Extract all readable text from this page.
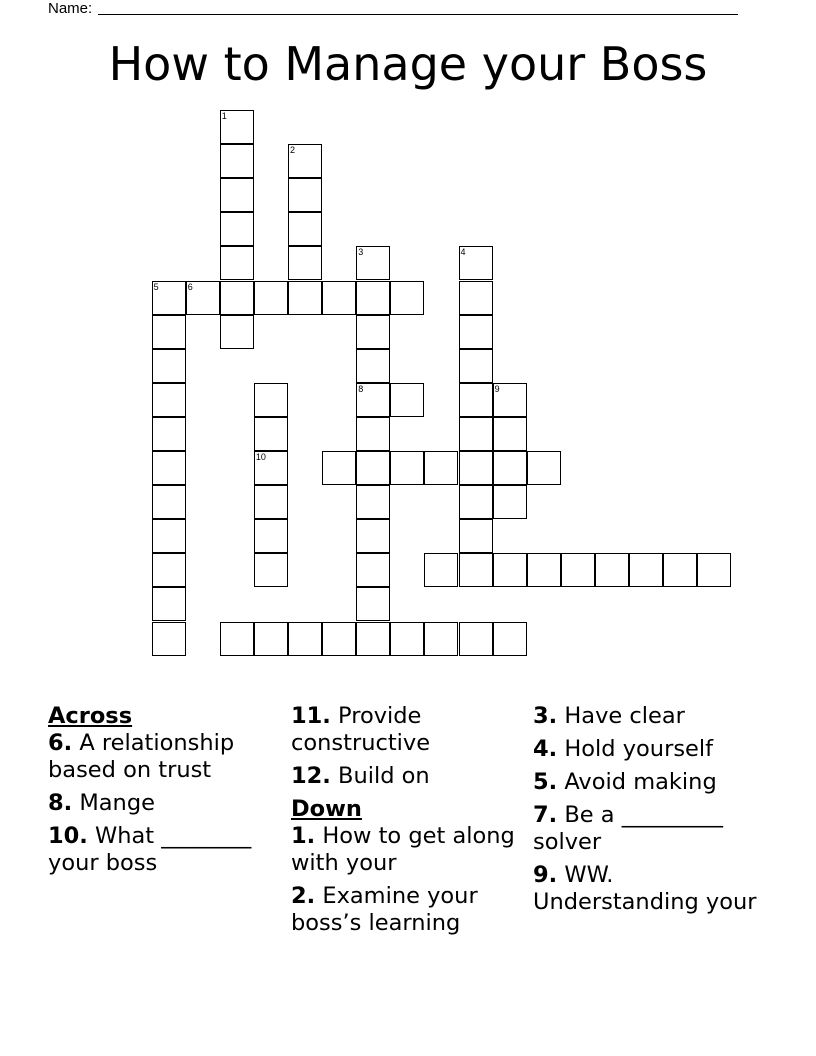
Name:
How to Manage your Boss
1
2
3
8
4
5	6
10
9
Across
6. A relationship based on trust
8. Mange
10. What ________ your boss
11. Provide constructive
12. Build on
Down
1. How to get along with your
2. Examine your boss’s learning
3. Have clear
4. Hold yourself
5. Avoid making
7. Be a _________ solver
9. WW. Understanding your
